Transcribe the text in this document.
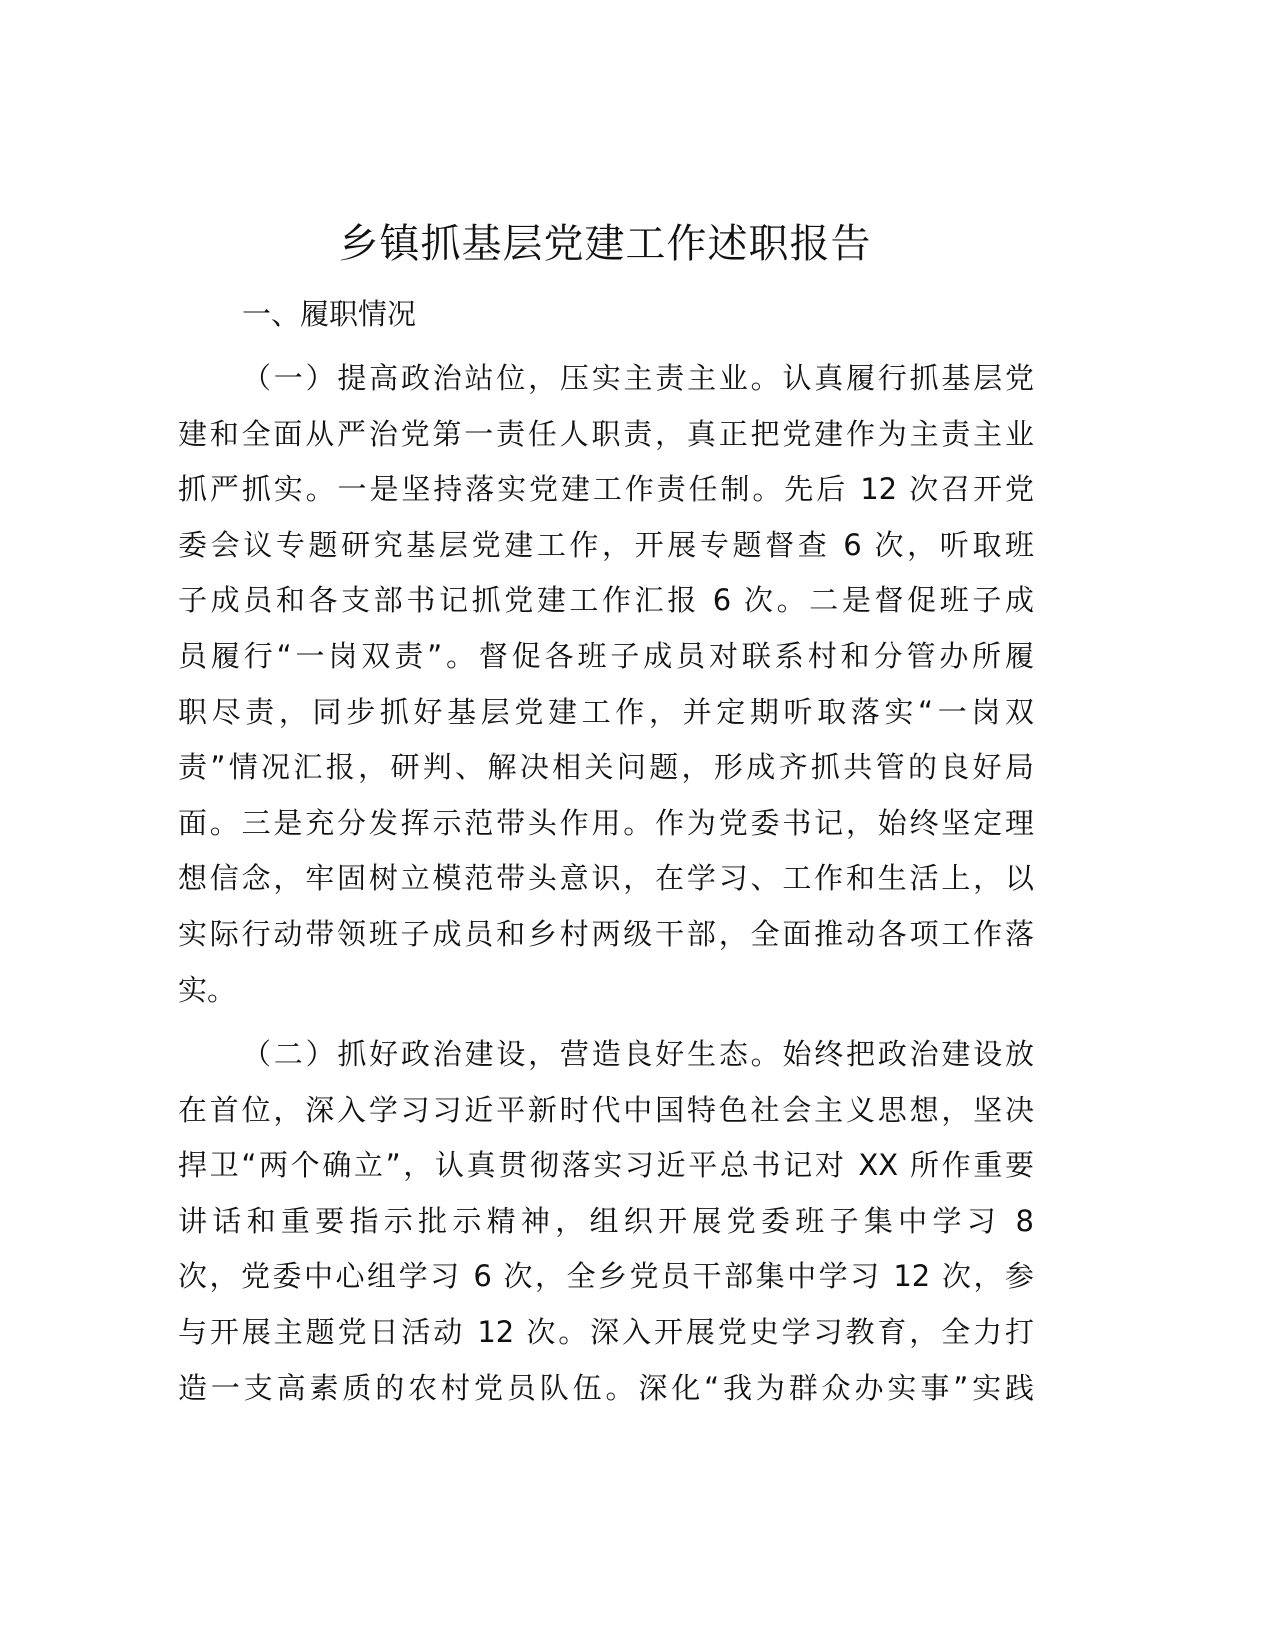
乡镇抓基层党建工作述职报告
一、履职情况
（一）提高政治站位，压实主责主业。认真履行抓基层党
建和全面从严治党第一责任人职责，真正把党建作为主责主业
抓严抓实。一是坚持落实党建工作责任制。先后 12 次召开党
委会议专题研究基层党建工作，开展专题督查 6 次，听取班
子成员和各支部书记抓党建工作汇报 6 次。二是督促班子成
员履行“一岗双责”。督促各班子成员对联系村和分管办所履
职尽责，同步抓好基层党建工作，并定期听取落实“一岗双
责”情况汇报，研判、解决相关问题，形成齐抓共管的良好局
面。三是充分发挥示范带头作用。作为党委书记，始终坚定理
想信念，牢固树立模范带头意识，在学习、工作和生活上，以
实际行动带领班子成员和乡村两级干部，全面推动各项工作落
实。
（二）抓好政治建设，营造良好生态。始终把政治建设放
在首位，深入学习习近平新时代中国特色社会主义思想，坚决
捍卫“两个确立”，认真贯彻落实习近平总书记对 XX 所作重要
讲话和重要指示批示精神，组织开展党委班子集中学习 8
次，党委中心组学习 6 次，全乡党员干部集中学习 12 次，参
与开展主题党日活动 12 次。深入开展党史学习教育，全力打
造一支高素质的农村党员队伍。深化“我为群众办实事”实践
